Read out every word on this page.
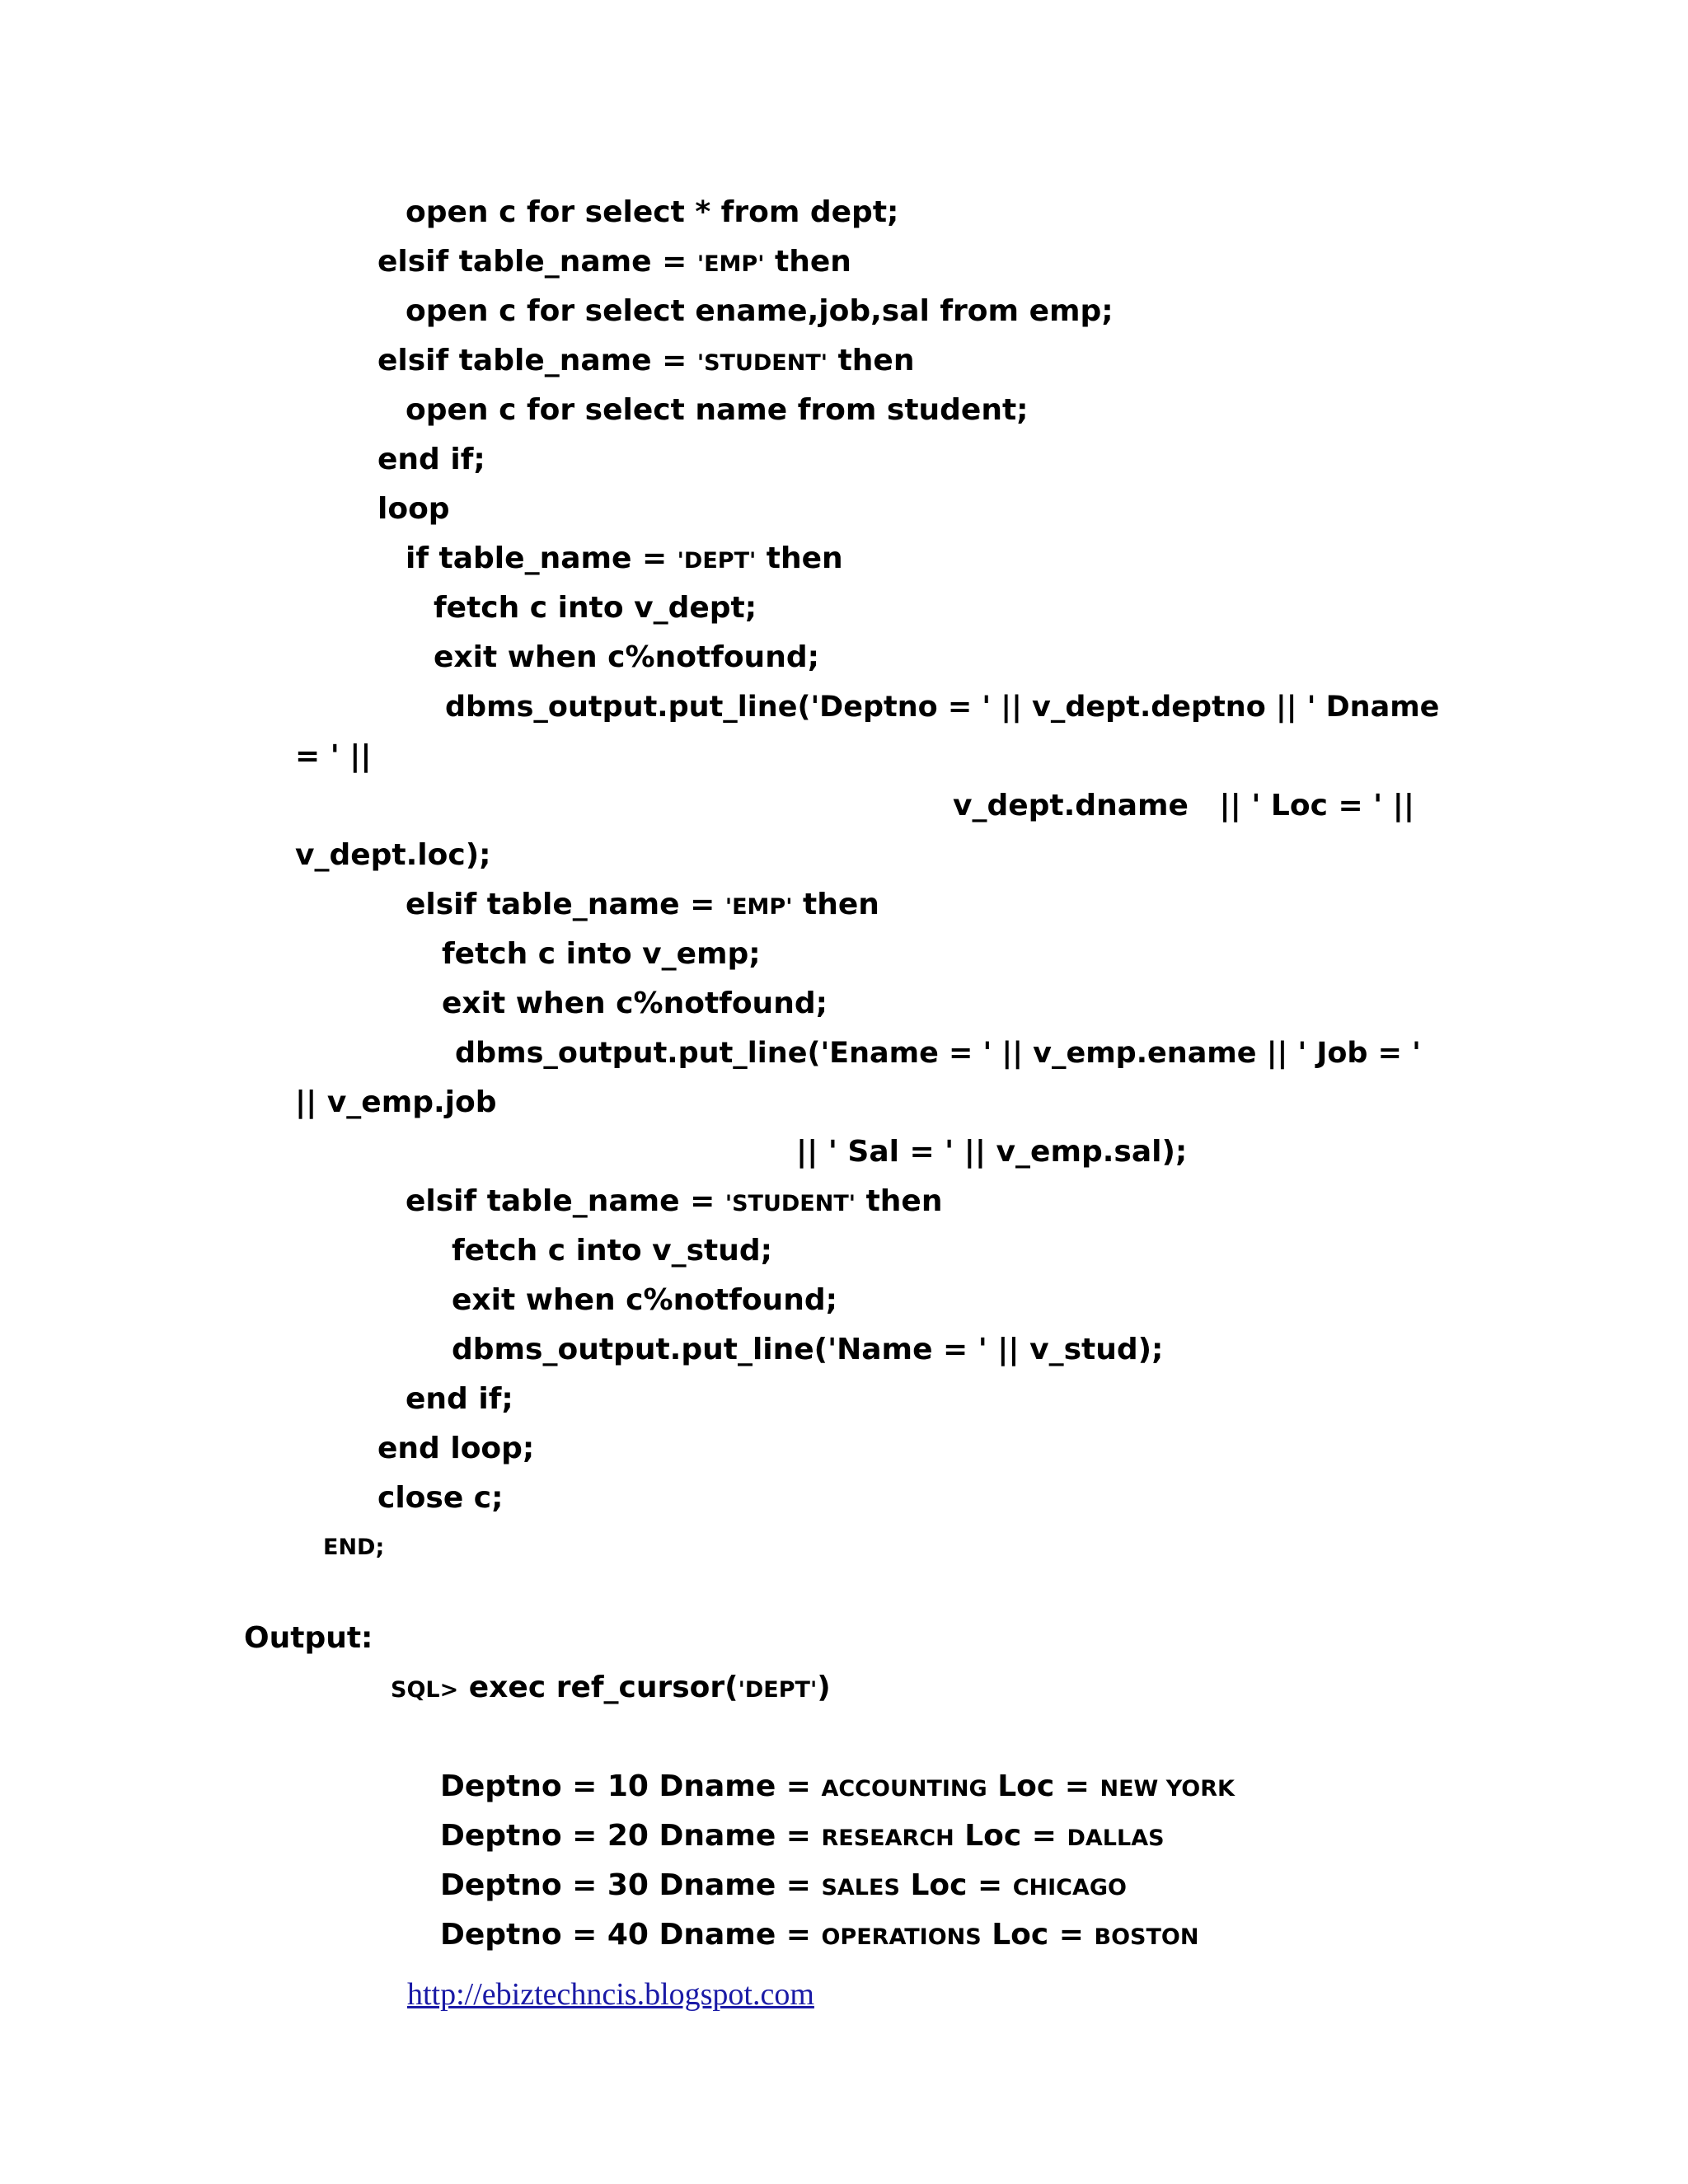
open c for select * from dept;
elsif table_name = 'EMP' then
open c for select ename,job,sal from emp;
elsif table_name = 'STUDENT' then
open c for select name from student;
end if;
loop
if table_name = 'DEPT' then
fetch c into v_dept;
exit when c%notfound;
dbms_output.put_line('Deptno = ' || v_dept.deptno || ' Dname
= ' ||
v_dept.dname   || ' Loc = ' ||
v_dept.loc);
elsif table_name = 'EMP' then
fetch c into v_emp;
exit when c%notfound;
dbms_output.put_line('Ename = ' || v_emp.ename || ' Job = '
|| v_emp.job
|| ' Sal = ' || v_emp.sal);
elsif table_name = 'STUDENT' then
fetch c into v_stud;
exit when c%notfound;
dbms_output.put_line('Name = ' || v_stud);
end if;
end loop;
close c;
END;
Output:
SQL> exec ref_cursor('DEPT')
Deptno = 10 Dname = ACCOUNTING Loc = NEW YORK
Deptno = 20 Dname = RESEARCH Loc = DALLAS
Deptno = 30 Dname = SALES Loc = CHICAGO
Deptno = 40 Dname = OPERATIONS Loc = BOSTON
http://ebiztechncis.blogspot.com
